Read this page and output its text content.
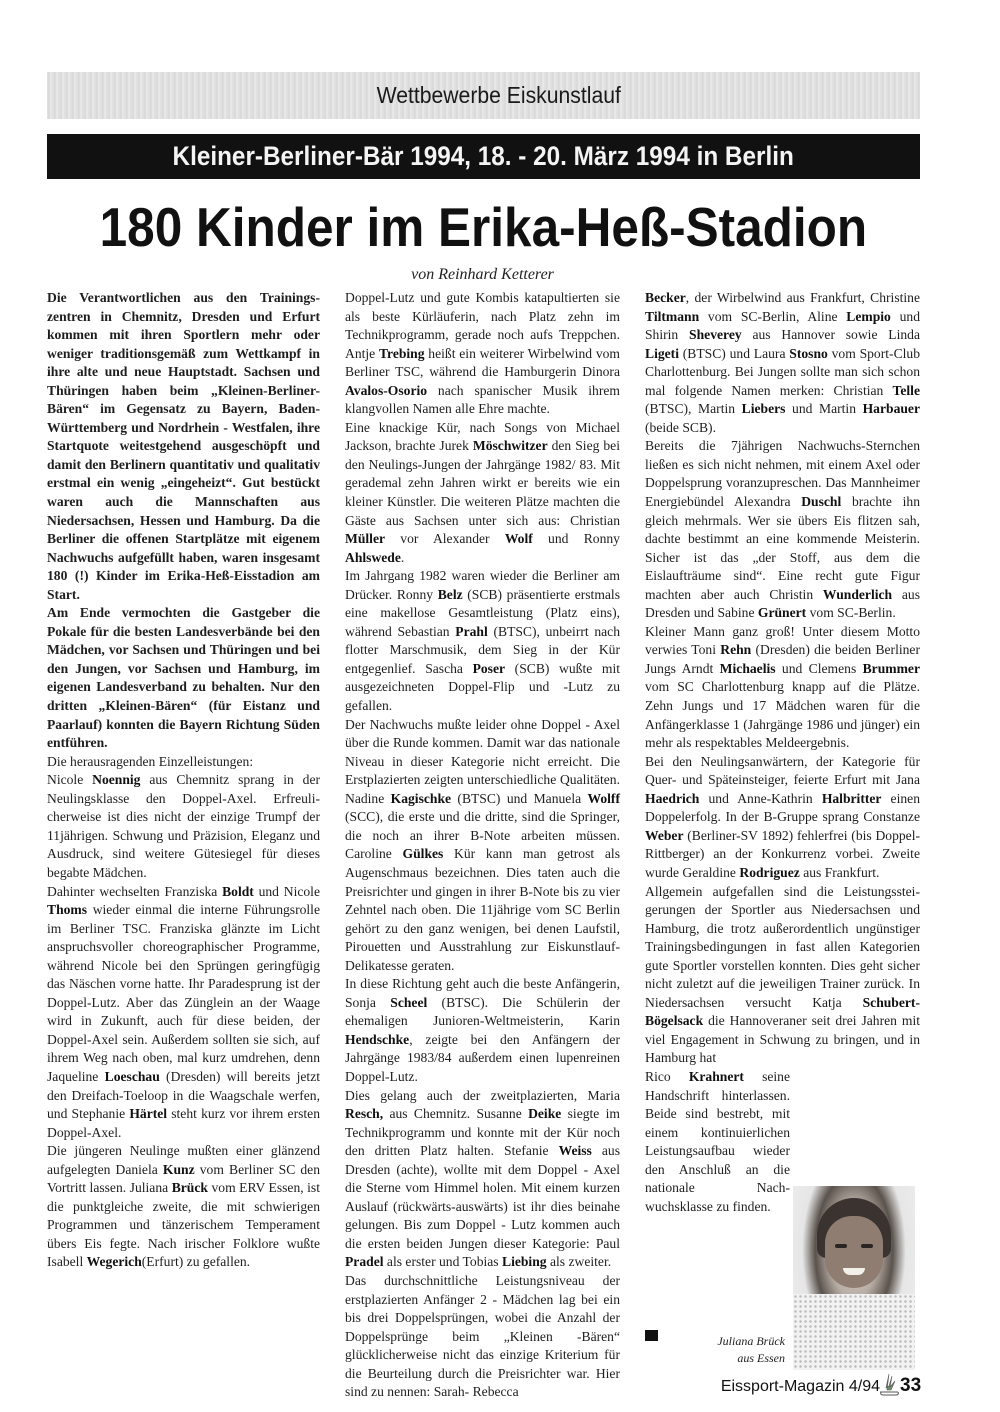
Wettbewerbe Eiskunstlauf
Kleiner-Berliner-Bär 1994, 18. - 20. März 1994 in Berlin
180 Kinder im Erika-Heß-Stadion
von Reinhard Ketterer

Die Verantwortlichen aus den Trainingszentren in Chemnitz, Dresden und Erfurt kommen mit ihren Sportlern mehr oder weniger traditionsgemäß zum Wettkampf in ihre alte und neue Hauptstadt. Sachsen und Thüringen haben beim „Kleinen-Berliner-Bären“ im Gegensatz zu Bayern, Baden-Württemberg und Nordrhein - Westfalen, ihre Startquote weitestgehend ausgeschöpft und damit den Berlinern quantitativ und qualitativ erstmal ein wenig „eingeheizt“. Gut bestückt waren auch die Mannschaften aus Niedersachsen, Hessen und Hamburg. Da die Berliner die offenen Startplätze mit eigenem Nachwuchs aufgefüllt haben, waren insgesamt 180 (!) Kinder im Erika-Heß-Eisstadion am Start.

Am Ende vermochten die Gastgeber die Pokale für die besten Landesverbände bei den Mädchen, vor Sachsen und Thüringen und bei den Jungen, vor Sachsen und Hamburg, im eigenen Landesverband zu behalten. Nur den dritten „Kleinen-Bären“ (für Eistanz und Paarlauf) konnten die Bayern Richtung Süden entführen.

Die herausragenden Einzelleistungen:

Nicole Noennig aus Chemnitz sprang in der Neulingsklasse den Doppel-Axel. Erfreulicherweise ist dies nicht der einzige Trumpf der 11jährigen. Schwung und Präzision, Eleganz und Ausdruck, sind weitere Gütesiegel für dieses begabte Mädchen.

Dahinter wechselten Franziska Boldt und Nicole Thoms wieder einmal die interne Führungsrolle im Berliner TSC. Franziska glänzte im Licht anspruchsvoller choreographischer Programme, während Nicole bei den Sprüngen geringfügig das Näschen vorne hatte. Ihr Paradesprung ist der Doppel-Lutz. Aber das Zünglein an der Waage wird in Zukunft, auch für diese beiden, der Doppel-Axel sein. Außerdem sollten sie sich, auf ihrem Weg nach oben, mal kurz umdrehen, denn Jaqueline Loeschau (Dresden) will bereits jetzt den Dreifach-Toeloop in die Waagschale werfen, und Stephanie Härtel steht kurz vor ihrem ersten Doppel-Axel.

Die jüngeren Neulinge mußten einer glänzend aufgelegten Daniela Kunz vom Berliner SC den Vortritt lassen. Juliana Brück vom ERV Essen, ist die punktgleiche zweite, die mit schwierigen Programmen und tänzerischem Temperament übers Eis fegte. Nach irischer Folklore wußte Isabell Wegerich(Erfurt) zu gefallen.

Doppel-Lutz und gute Kombis katapultierten sie als beste Kürläuferin, nach Platz zehn im Technikprogramm, gerade noch aufs Treppchen. Antje Trebing heißt ein weiterer Wirbelwind vom Berliner TSC, während die Hamburgerin Dinora Avalos-Osorio nach spanischer Musik ihrem klangvollen Namen alle Ehre machte.

Eine knackige Kür, nach Songs von Michael Jackson, brachte Jurek Möschwitzer den Sieg bei den Neulings-Jungen der Jahrgänge 1982/ 83. Mit gerademal zehn Jahren wirkt er bereits wie ein kleiner Künstler. Die weiteren Plätze machten die Gäste aus Sachsen unter sich aus: Christian Müller vor Alexander Wolf und Ronny Ahlswede.

Im Jahrgang 1982 waren wieder die Berliner am Drücker. Ronny Belz (SCB) präsentierte erstmals eine makellose Gesamtleistung (Platz eins), während Sebastian Prahl (BTSC), unbeirrt nach flotter Marschmusik, dem Sieg in der Kür entgegenlief. Sascha Poser (SCB) wußte mit ausgezeichneten Doppel-Flip und -Lutz zu gefallen.

Der Nachwuchs mußte leider ohne Doppel - Axel über die Runde kommen. Damit war das nationale Niveau in dieser Kategorie nicht erreicht. Die Erstplazierten zeigten unterschiedliche Qualitäten. Nadine Kagischke (BTSC) und Manuela Wolff (SCC), die erste und die dritte, sind die Springer, die noch an ihrer B-Note arbeiten müssen. Caroline Gülkes Kür kann man getrost als Augenschmaus bezeichnen. Dies taten auch die Preisrichter und gingen in ihrer B-Note bis zu vier Zehntel nach oben. Die 11jährige vom SC Berlin gehört zu den ganz wenigen, bei denen Laufstil, Pirouetten und Ausstrahlung zur Eiskunstlauf- Delikatesse geraten.

In diese Richtung geht auch die beste Anfängerin, Sonja Scheel (BTSC). Die Schülerin der ehemaligen Junioren-Weltmeisterin, Karin Hendschke, zeigte bei den Anfängern der Jahrgänge 1983/84 außerdem einen lupenreinen Doppel-Lutz.

Dies gelang auch der zweitplazierten, Maria Resch, aus Chemnitz. Susanne Deike siegte im Technikprogramm und konnte mit der Kür noch den dritten Platz halten. Stefanie Weiss aus Dresden (achte), wollte mit dem Doppel - Axel die Sterne vom Himmel holen. Mit einem kurzen Auslauf (rückwärts-auswärts) ist ihr dies beinahe gelungen. Bis zum Doppel - Lutz kommen auch die ersten beiden Jungen dieser Kategorie: Paul Pradel als erster und Tobias Liebing als zweiter.

Das durchschnittliche Leistungsniveau der erstplazierten Anfänger 2 - Mädchen lag bei ein bis drei Doppelsprüngen, wobei die Anzahl der Doppelsprünge beim „Kleinen -Bären“ glücklicherweise nicht das einzige Kriterium für die Beurteilung durch die Preisrichter war. Hier sind zu nennen: Sarah- Rebecca

Becker, der Wirbelwind aus Frankfurt, Christine Tiltmann vom SC-Berlin, Aline Lempio und Shirin Sheverey aus Hannover sowie Linda Ligeti (BTSC) und Laura Stosno vom Sport-Club Charlottenburg. Bei Jungen sollte man sich schon mal folgende Namen merken: Christian Telle (BTSC), Martin Liebers und Martin Harbauer (beide SCB).

Bereits die 7jährigen Nachwuchs-Sternchen ließen es sich nicht nehmen, mit einem Axel oder Doppelsprung voranzupreschen. Das Mannheimer Energiebündel Alexandra Duschl brachte ihn gleich mehrmals. Wer sie übers Eis flitzen sah, dachte bestimmt an eine kommende Meisterin. Sicher ist das „der Stoff, aus dem die Eislaufträume sind“. Eine recht gute Figur machten aber auch Christin Wunderlich aus Dresden und Sabine Grünert vom SC-Berlin.

Kleiner Mann ganz groß! Unter diesem Motto verwies Toni Rehn (Dresden) die beiden Berliner Jungs Arndt Michaelis und Clemens Brummer vom SC Charlottenburg knapp auf die Plätze. Zehn Jungs und 17 Mädchen waren für die Anfängerklasse 1 (Jahrgänge 1986 und jünger) ein mehr als respektables Meldeergebnis.

Bei den Neulingsanwärtern, der Kategorie für Quer- und Späteinsteiger, feierte Erfurt mit Jana Haedrich und Anne-Kathrin Halbritter einen Doppelerfolg. In der B-Gruppe sprang Constanze Weber (Berliner-SV 1892) fehlerfrei (bis Doppel-Rittberger) an der Konkurrenz vorbei. Zweite wurde Geraldine Rodriguez aus Frankfurt.

Allgemein aufgefallen sind die Leistungssteigerungen der Sportler aus Niedersachsen und Hamburg, die trotz außerordentlich ungünstiger Trainingsbedingungen in fast allen Kategorien gute Sportler vorstellen konnten. Dies geht sicher nicht zuletzt auf die jeweiligen Trainer zurück. In Niedersachsen versucht Katja Schubert-Bögelsack die Hannoveraner seit drei Jahren mit viel Engagement in Schwung zu bringen, und in Hamburg hat

Rico Krahnert seine Handschrift hinterlassen. Beide sind bestrebt, mit einem kontinuierlichen Leistungsaufbau wieder den Anschluß an die nationale Nachwuchsklasse zu finden.

Juliana Brück
aus Essen
Eissport-Magazin 4/94 33
